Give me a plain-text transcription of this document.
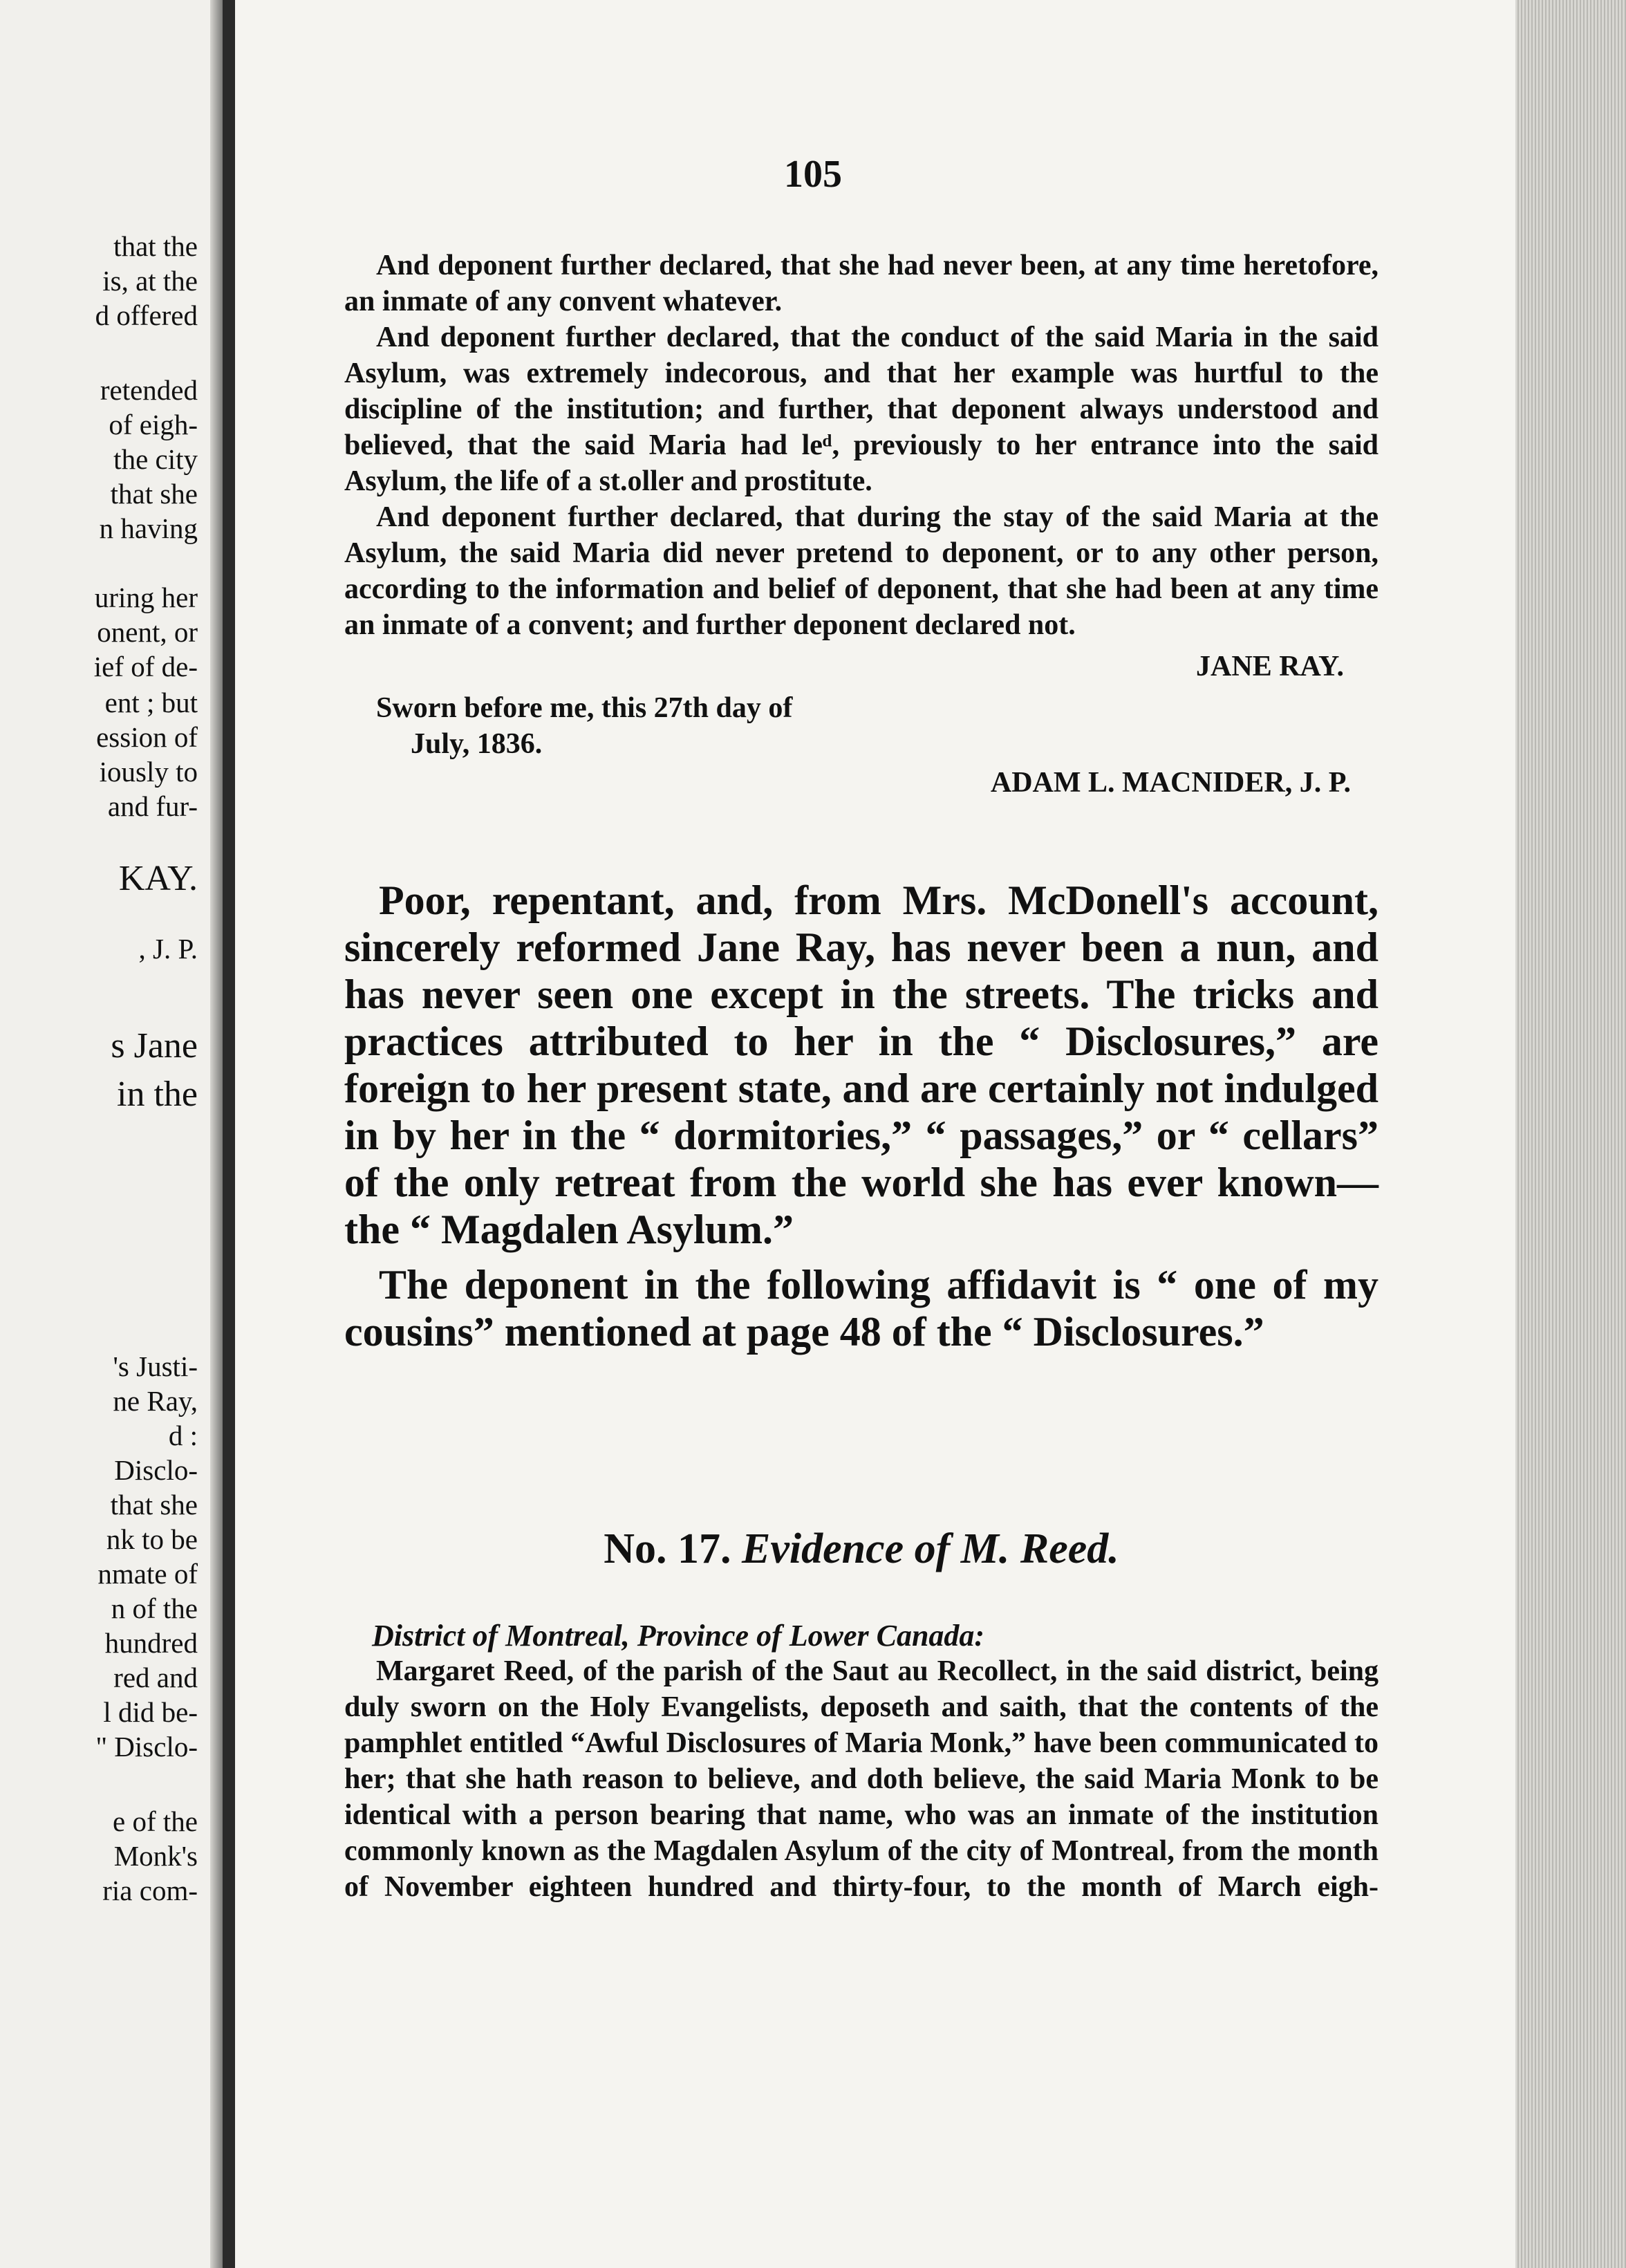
that the
is, at the
d offered
retended
of eigh-
the city
that she
n having
uring her
onent, or
ief of de-
ent ; but
ession of
iously to
and fur-
KAY.
, J. P.
s Jane
in the
's Justi-
ne Ray,
d :
Disclo-
that she
nk to be
nmate of
n of the
hundred
red and
l did be-
" Disclo-
e of the
Monk's
ria com-
105

And deponent further declared, that she had never been, at any time heretofore, an inmate of any convent whatever.

And deponent further declared, that the conduct of the said Maria in the said Asylum, was extremely indecorous, and that her example was hurtful to the discipline of the institution; and further, that deponent always understood and believed, that the said Maria had leᵈ, previously to her entrance into the said Asylum, the life of a st.oller and prostitute.

And deponent further declared, that during the stay of the said Maria at the Asylum, the said Maria did never pretend to deponent, or to any other person, according to the information and belief of deponent, that she had been at any time an inmate of a convent; and further deponent declared not.

JANE RAY.

Sworn before me, this 27th day of

July, 1836.

ADAM L. MACNIDER, J. P.

Poor, repentant, and, from Mrs. McDonell's account, sincerely reformed Jane Ray, has never been a nun, and has never seen one except in the streets. The tricks and practices attributed to her in the “ Disclosures,” are foreign to her present state, and are certainly not indulged in by her in the “ dormitories,” “ passages,” or “ cellars” of the only retreat from the world she has ever known—the “ Magdalen Asylum.”

The deponent in the following affidavit is “ one of my cousins” mentioned at page 48 of the “ Disclosures.”

No. 17. Evidence of M. Reed.

District of Montreal, Province of Lower Canada:

Margaret Reed, of the parish of the Saut au Recollect, in the said district, being duly sworn on the Holy Evangelists, deposeth and saith, that the contents of the pamphlet entitled “Awful Disclosures of Maria Monk,” have been communicated to her; that she hath reason to believe, and doth believe, the said Maria Monk to be identical with a person bearing that name, who was an inmate of the institution commonly known as the Magdalen Asylum of the city of Montreal, from the month of November eighteen hundred and thirty-four, to the month of March eigh-
